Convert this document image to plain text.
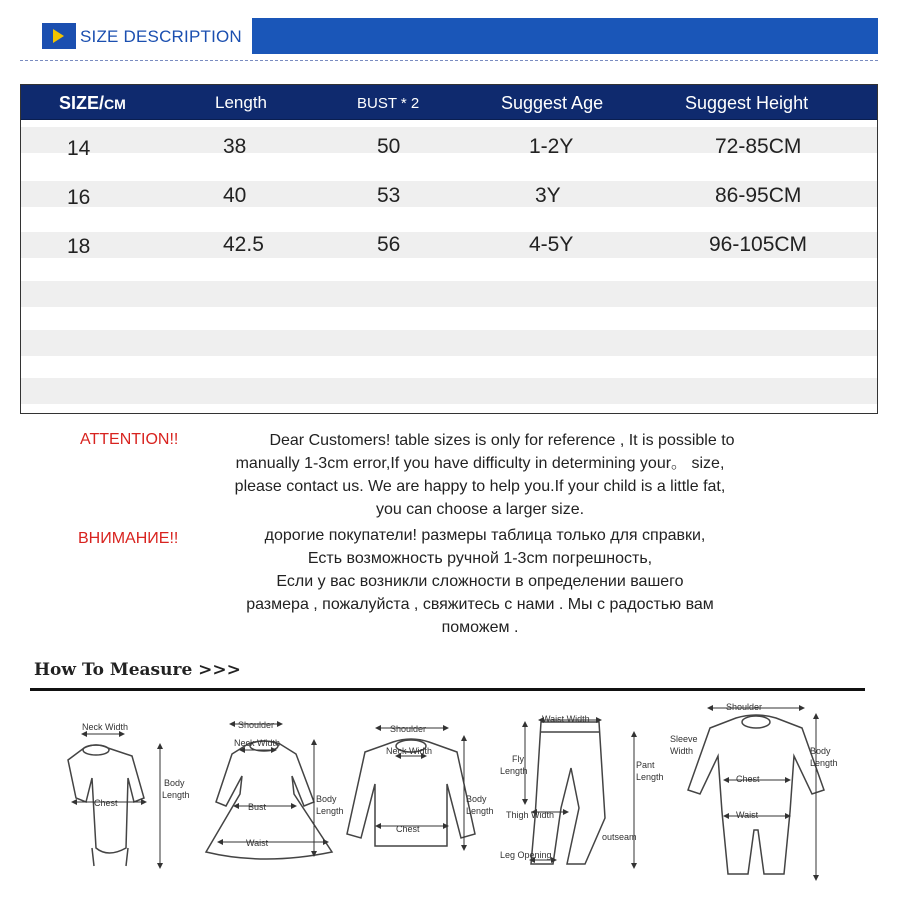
SIZE DESCRIPTION
SIZE/CM	Length	BUST * 2	Suggest Age	Suggest Height
14	38	50	1-2Y	72-85CM
16	40	53	3Y	86-95CM
18	42.5	56	4-5Y	96-105CM
ATTENTION!!	Dear Customers! table sizes is only for reference , It is possible to
manually 1-3cm error,If you have difficulty in determining your。 size,
please contact us. We are happy to help you.If your child is a little fat,
you can choose a larger size.
ВНИМАНИЕ!!	дорогие покупатели! размеры таблица только для справки,
Есть возможность ручной 1-3cm погрешность,
Если у вас возникли сложности в определении вашего
размера , пожалуйста , свяжитесь с нами . Мы с радостью вам
поможем .
How To Measure >>>
Neck Width
Chest
Body
Length
Shoulder
Neck Width
Bust
Waist
Body
Length
Shoulder
Neck Width
Chest
Body
Length
Waist Width
Fly
Length
Thigh Width
Leg Opening
outseam
Pant
Length
Shoulder
Sleeve
Width
Chest
Waist
Body
Length
